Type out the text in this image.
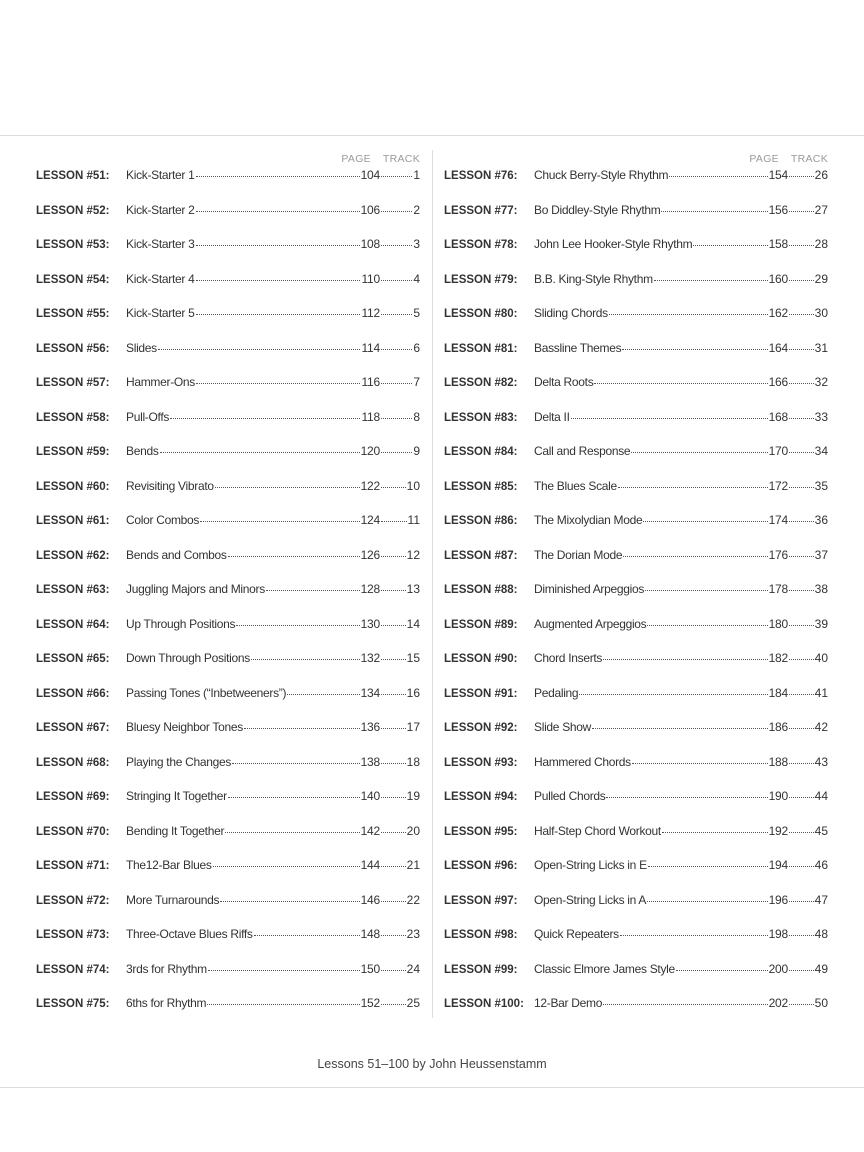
PAGE TRACK
LESSON #51:	Kick-Starter 1	104	1
LESSON #52:	Kick-Starter 2	106	2
LESSON #53:	Kick-Starter 3	108	3
LESSON #54:	Kick-Starter 4	110	4
LESSON #55:	Kick-Starter 5	112	5
LESSON #56:	Slides	114	6
LESSON #57:	Hammer-Ons	116	7
LESSON #58:	Pull-Offs	118	8
LESSON #59:	Bends	120	9
LESSON #60:	Revisiting Vibrato	122 10
LESSON #61:	Color Combos	124 11
LESSON #62:	Bends and Combos	126 12
LESSON #63:	Juggling Majors and Minors	128 13
LESSON #64:	Up Through Positions	130 14
LESSON #65:	Down Through Positions	132 15
LESSON #66:	Passing Tones (“Inbetweeners”)	134 16
LESSON #67:	Bluesy Neighbor Tones	136 17
LESSON #68:	Playing the Changes	138 18
LESSON #69:	Stringing It Together	140 19
LESSON #70:	Bending It Together	142 20
LESSON #71:	The12-Bar Blues	144 21
LESSON #72:	More Turnarounds	146 22
LESSON #73:	Three-Octave Blues Riffs	148 23
LESSON #74:	3rds for Rhythm	150 24
LESSON #75:	6ths for Rhythm	152 25
PAGE TRACK
LESSON #76:	Chuck Berry-Style Rhythm	154 26
LESSON #77:	Bo Diddley-Style Rhythm	156 27
LESSON #78:	John Lee Hooker-Style Rhythm	158 28
LESSON #79:	B.B. King-Style Rhythm	160 29
LESSON #80:	Sliding Chords	162 30
LESSON #81:	Bassline Themes	164 31
LESSON #82:	Delta Roots	166 32
LESSON #83:	Delta II	168 33
LESSON #84:	Call and Response	170 34
LESSON #85:	The Blues Scale	172 35
LESSON #86:	The Mixolydian Mode	174 36
LESSON #87:	The Dorian Mode	176 37
LESSON #88:	Diminished Arpeggios	178 38
LESSON #89:	Augmented Arpeggios	180 39
LESSON #90:	Chord Inserts	182 40
LESSON #91:	Pedaling	184 41
LESSON #92:	Slide Show	186 42
LESSON #93:	Hammered Chords	188 43
LESSON #94:	Pulled Chords	190 44
LESSON #95:	Half-Step Chord Workout	192 45
LESSON #96:	Open-String Licks in E	194 46
LESSON #97:	Open-String Licks in A	196 47
LESSON #98:	Quick Repeaters	198 48
LESSON #99:	Classic Elmore James Style	200 49
LESSON #100: 12-Bar Demo	202 50
Lessons 51–100 by John Heussenstamm
